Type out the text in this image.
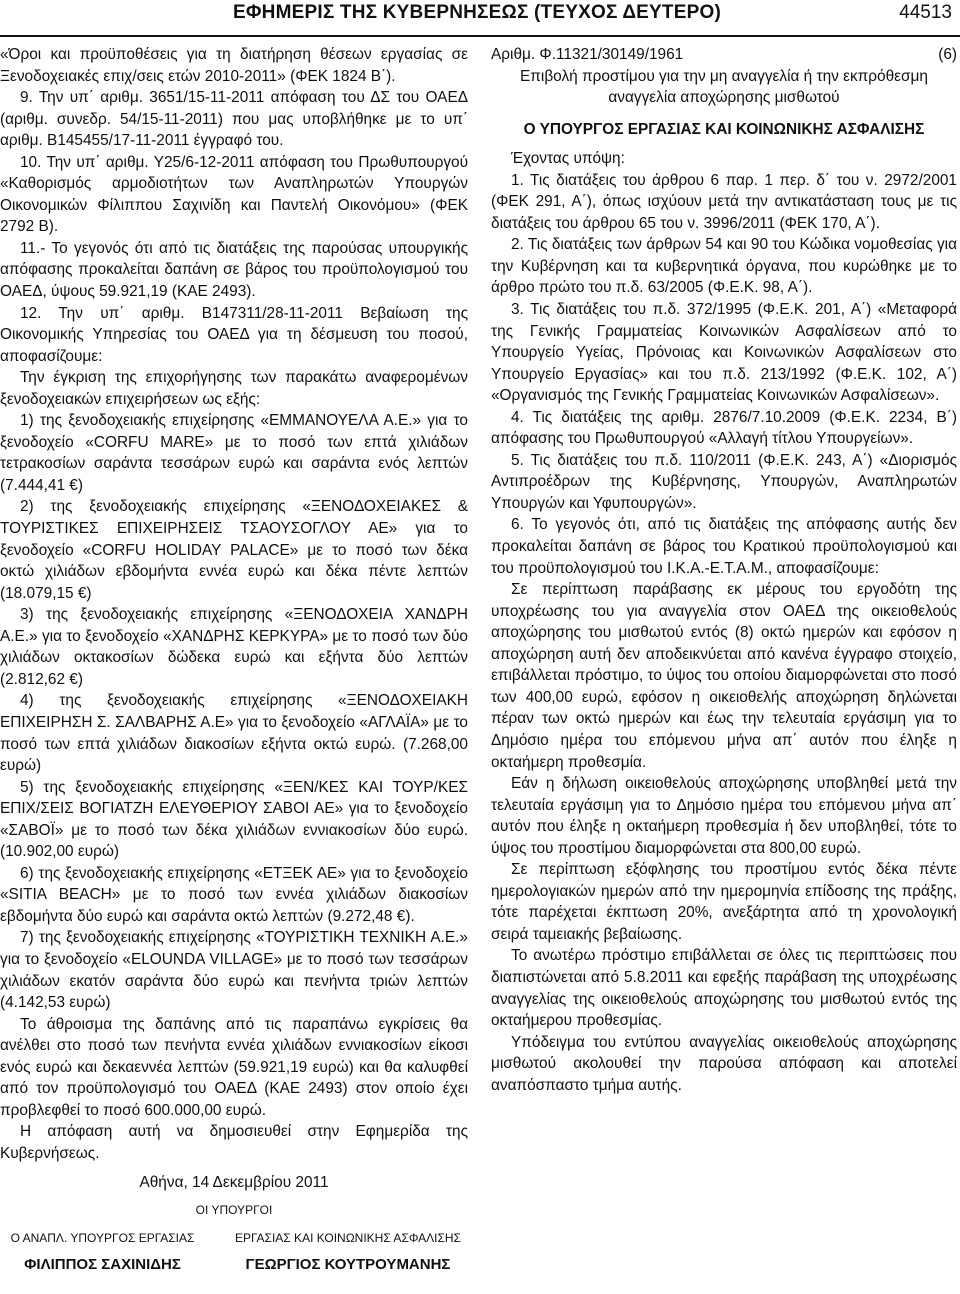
ΕΦΗΜΕΡΙΣ ΤΗΣ ΚΥΒΕΡΝΗΣΕΩΣ (ΤΕΥΧΟΣ ΔΕΥΤΕΡΟ)	44513

«Όροι και προϋποθέσεις για τη διατήρηση θέσεων εργασίας σε Ξενοδοχειακές επιχ/σεις ετών 2010-2011» (ΦΕΚ 1824 Β΄).

9. Την υπ΄ αριθμ. 3651/15-11-2011 απόφαση του ΔΣ του ΟΑΕΔ (αριθμ. συνεδρ. 54/15-11-2011) που μας υποβλήθηκε με το υπ΄ αριθμ. Β145455/17-11-2011 έγγραφό του.

10. Την υπ΄ αριθμ. Υ25/6-12-2011 απόφαση του Πρωθυπουργού «Καθορισμός αρμοδιοτήτων των Αναπληρωτών Υπουργών Οικονομικών Φίλιππου Σαχινίδη και Παντελή Οικονόμου» (ΦΕΚ 2792 Β).

11.- Το γεγονός ότι από τις διατάξεις της παρούσας υπουργικής απόφασης προκαλείται δαπάνη σε βάρος του προϋπολογισμού του ΟΑΕΔ, ύψους 59.921,19 (ΚΑΕ 2493).

12. Την υπ΄ αριθμ. Β147311/28-11-2011 Βεβαίωση της Οικονομικής Υπηρεσίας του ΟΑΕΔ για τη δέσμευση του ποσού, αποφασίζουμε:

Την έγκριση της επιχορήγησης των παρακάτω αναφερομένων ξενοδοχειακών επιχειρήσεων ως εξής:

1) της ξενοδοχειακής επιχείρησης «ΕΜΜΑΝΟΥΕΛΑ Α.Ε.» για το ξενοδοχείο «CORFU MARE» με το ποσό των επτά χιλιάδων τετρακοσίων σαράντα τεσσάρων ευρώ και σαράντα ενός λεπτών (7.444,41 €)

2) της ξενοδοχειακής επιχείρησης «ΞΕΝΟΔΟΧΕΙΑΚΕΣ & ΤΟΥΡΙΣΤΙΚΕΣ ΕΠΙΧΕΙΡΗΣΕΙΣ ΤΣΑΟΥΣΟΓΛΟΥ ΑΕ» για το ξενοδοχείο «CORFU HOLIDAY PALACE» με το ποσό των δέκα οκτώ χιλιάδων εβδομήντα εννέα ευρώ και δέκα πέντε λεπτών (18.079,15 €)

3) της ξενοδοχειακής επιχείρησης «ΞΕΝΟΔΟΧΕΙΑ ΧΑΝΔΡΗ Α.Ε.» για το ξενοδοχείο «ΧΑΝΔΡΗΣ ΚΕΡΚΥΡΑ» με το ποσό των δύο χιλιάδων οκτακοσίων δώδεκα ευρώ και εξήντα δύο λεπτών (2.812,62 €)

4) της ξενοδοχειακής επιχείρησης «ΞΕΝΟΔΟΧΕΙΑΚΗ ΕΠΙΧΕΙΡΗΣΗ Σ. ΣΑΛΒΑΡΗΣ Α.Ε» για το ξενοδοχείο «ΑΓΛΑΪΑ» με το ποσό των επτά χιλιάδων διακοσίων εξήντα οκτώ ευρώ. (7.268,00 ευρώ)

5) της ξενοδοχειακής επιχείρησης «ΞΕΝ/ΚΕΣ ΚΑΙ ΤΟΥΡ/ΚΕΣ ΕΠΙΧ/ΣΕΙΣ ΒΟΓΙΑΤΖΗ ΕΛΕΥΘΕΡΙΟΥ ΣΑΒΟΙ ΑΕ» για το ξενοδοχείο «ΣΑΒΟΪ» με το ποσό των δέκα χιλιάδων εννιακοσίων δύο ευρώ. (10.902,00 ευρώ)

6) της ξενοδοχειακής επιχείρησης «ΕΤΞΕΚ ΑΕ» για το ξενοδοχείο «SITIA BEACH» με το ποσό των εννέα χιλιάδων διακοσίων εβδομήντα δύο ευρώ και σαράντα οκτώ λεπτών (9.272,48 €).

7) της ξενοδοχειακής επιχείρησης «ΤΟΥΡΙΣΤΙΚΗ ΤΕΧΝΙΚΗ Α.Ε.» για το ξενοδοχείο «ELOUNDA VILLAGE» με το ποσό των τεσσάρων χιλιάδων εκατόν σαράντα δύο ευρώ και πενήντα τριών λεπτών (4.142,53 ευρώ)

Το άθροισμα της δαπάνης από τις παραπάνω εγκρίσεις θα ανέλθει στο ποσό των πενήντα εννέα χιλιάδων εννιακοσίων είκοσι ενός ευρώ και δεκαεννέα λεπτών (59.921,19 ευρώ) και θα καλυφθεί από τον προϋπολογισμό του ΟΑΕΔ (ΚΑΕ 2493) στον οποίο έχει προβλεφθεί το ποσό 600.000,00 ευρώ.

Η απόφαση αυτή να δημοσιευθεί στην Εφημερίδα της Κυβερνήσεως.

Αθήνα, 14 Δεκεμβρίου 2011

ΟΙ ΥΠΟΥΡΓΟΙ

Ο ΑΝΑΠΛ. ΥΠΟΥΡΓΟΣ ΕΡΓΑΣΙΑΣ
ΦΙΛΙΠΠΟΣ ΣΑΧΙΝΙΔΗΣ
ΕΡΓΑΣΙΑΣ ΚΑΙ ΚΟΙΝΩΝΙΚΗΣ ΑΣΦΑΛΙΣΗΣ
ΓΕΩΡΓΙΟΣ ΚΟΥΤΡΟΥΜΑΝΗΣ

Αριθμ. Φ.11321/30149/1961	(6)

Επιβολή προστίμου για την μη αναγγελία ή την εκπρόθεσμη αναγγελία αποχώρησης μισθωτού

Ο ΥΠΟΥΡΓΟΣ ΕΡΓΑΣΙΑΣ ΚΑΙ ΚΟΙΝΩΝΙΚΗΣ ΑΣΦΑΛΙΣΗΣ

Έχοντας υπόψη:

1. Τις διατάξεις του άρθρου 6 παρ. 1 περ. δ΄ του ν. 2972/2001 (ΦΕΚ 291, Α΄), όπως ισχύουν μετά την αντικατάσταση τους με τις διατάξεις του άρθρου 65 του ν. 3996/2011 (ΦΕΚ 170, Α΄).

2. Τις διατάξεις των άρθρων 54 και 90 του Κώδικα νομοθεσίας για την Κυβέρνηση και τα κυβερνητικά όργανα, που κυρώθηκε με το άρθρο πρώτο του π.δ. 63/2005 (Φ.Ε.Κ. 98, Α΄).

3. Τις διατάξεις του π.δ. 372/1995 (Φ.Ε.Κ. 201, Α΄) «Μεταφορά της Γενικής Γραμματείας Κοινωνικών Ασφαλίσεων από το Υπουργείο Υγείας, Πρόνοιας και Κοινωνικών Ασφαλίσεων στο Υπουργείο Εργασίας» και του π.δ. 213/1992 (Φ.Ε.Κ. 102, Α΄) «Οργανισμός της Γενικής Γραμματείας Κοινωνικών Ασφαλίσεων».

4. Τις διατάξεις της αριθμ. 2876/7.10.2009 (Φ.Ε.Κ. 2234, Β΄) απόφασης του Πρωθυπουργού «Αλλαγή τίτλου Υπουργείων».

5. Τις διατάξεις του π.δ. 110/2011 (Φ.Ε.Κ. 243, Α΄) «Διορισμός Αντιπροέδρων της Κυβέρνησης, Υπουργών, Αναπληρωτών Υπουργών και Υφυπουργών».

6. Το γεγονός ότι, από τις διατάξεις της απόφασης αυτής δεν προκαλείται δαπάνη σε βάρος του Κρατικού προϋπολογισμού και του προϋπολογισμού του Ι.Κ.Α.-Ε.Τ.Α.Μ., αποφασίζουμε:

Σε περίπτωση παράβασης εκ μέρους του εργοδότη της υποχρέωσης του για αναγγελία στον ΟΑΕΔ της οικειοθελούς αποχώρησης του μισθωτού εντός (8) οκτώ ημερών και εφόσον η αποχώρηση αυτή δεν αποδεικνύεται από κανένα έγγραφο στοιχείο, επιβάλλεται πρόστιμο, το ύψος του οποίου διαμορφώνεται στο ποσό των 400,00 ευρώ, εφόσον η οικειοθελής αποχώρηση δηλώνεται πέραν των οκτώ ημερών και έως την τελευταία εργάσιμη για το Δημόσιο ημέρα του επόμενου μήνα απ΄ αυτόν που έληξε η οκταήμερη προθεσμία.

Εάν η δήλωση οικειοθελούς αποχώρησης υποβληθεί μετά την τελευταία εργάσιμη για το Δημόσιο ημέρα του επόμενου μήνα απ΄ αυτόν που έληξε η οκταήμερη προθεσμία ή δεν υποβληθεί, τότε το ύψος του προστίμου διαμορφώνεται στα 800,00 ευρώ.

Σε περίπτωση εξόφλησης του προστίμου εντός δέκα πέντε ημερολογιακών ημερών από την ημερομηνία επίδοσης της πράξης, τότε παρέχεται έκπτωση 20%, ανεξάρτητα από τη χρονολογική σειρά ταμειακής βεβαίωσης.

Το ανωτέρω πρόστιμο επιβάλλεται σε όλες τις περιπτώσεις που διαπιστώνεται από 5.8.2011 και εφεξής παράβαση της υποχρέωσης αναγγελίας της οικειοθελούς αποχώρησης του μισθωτού εντός της οκταήμερου προθεσμίας.

Υπόδειγμα του εντύπου αναγγελίας οικειοθελούς αποχώρησης μισθωτού ακολουθεί την παρούσα απόφαση και αποτελεί αναπόσπαστο τμήμα αυτής.
